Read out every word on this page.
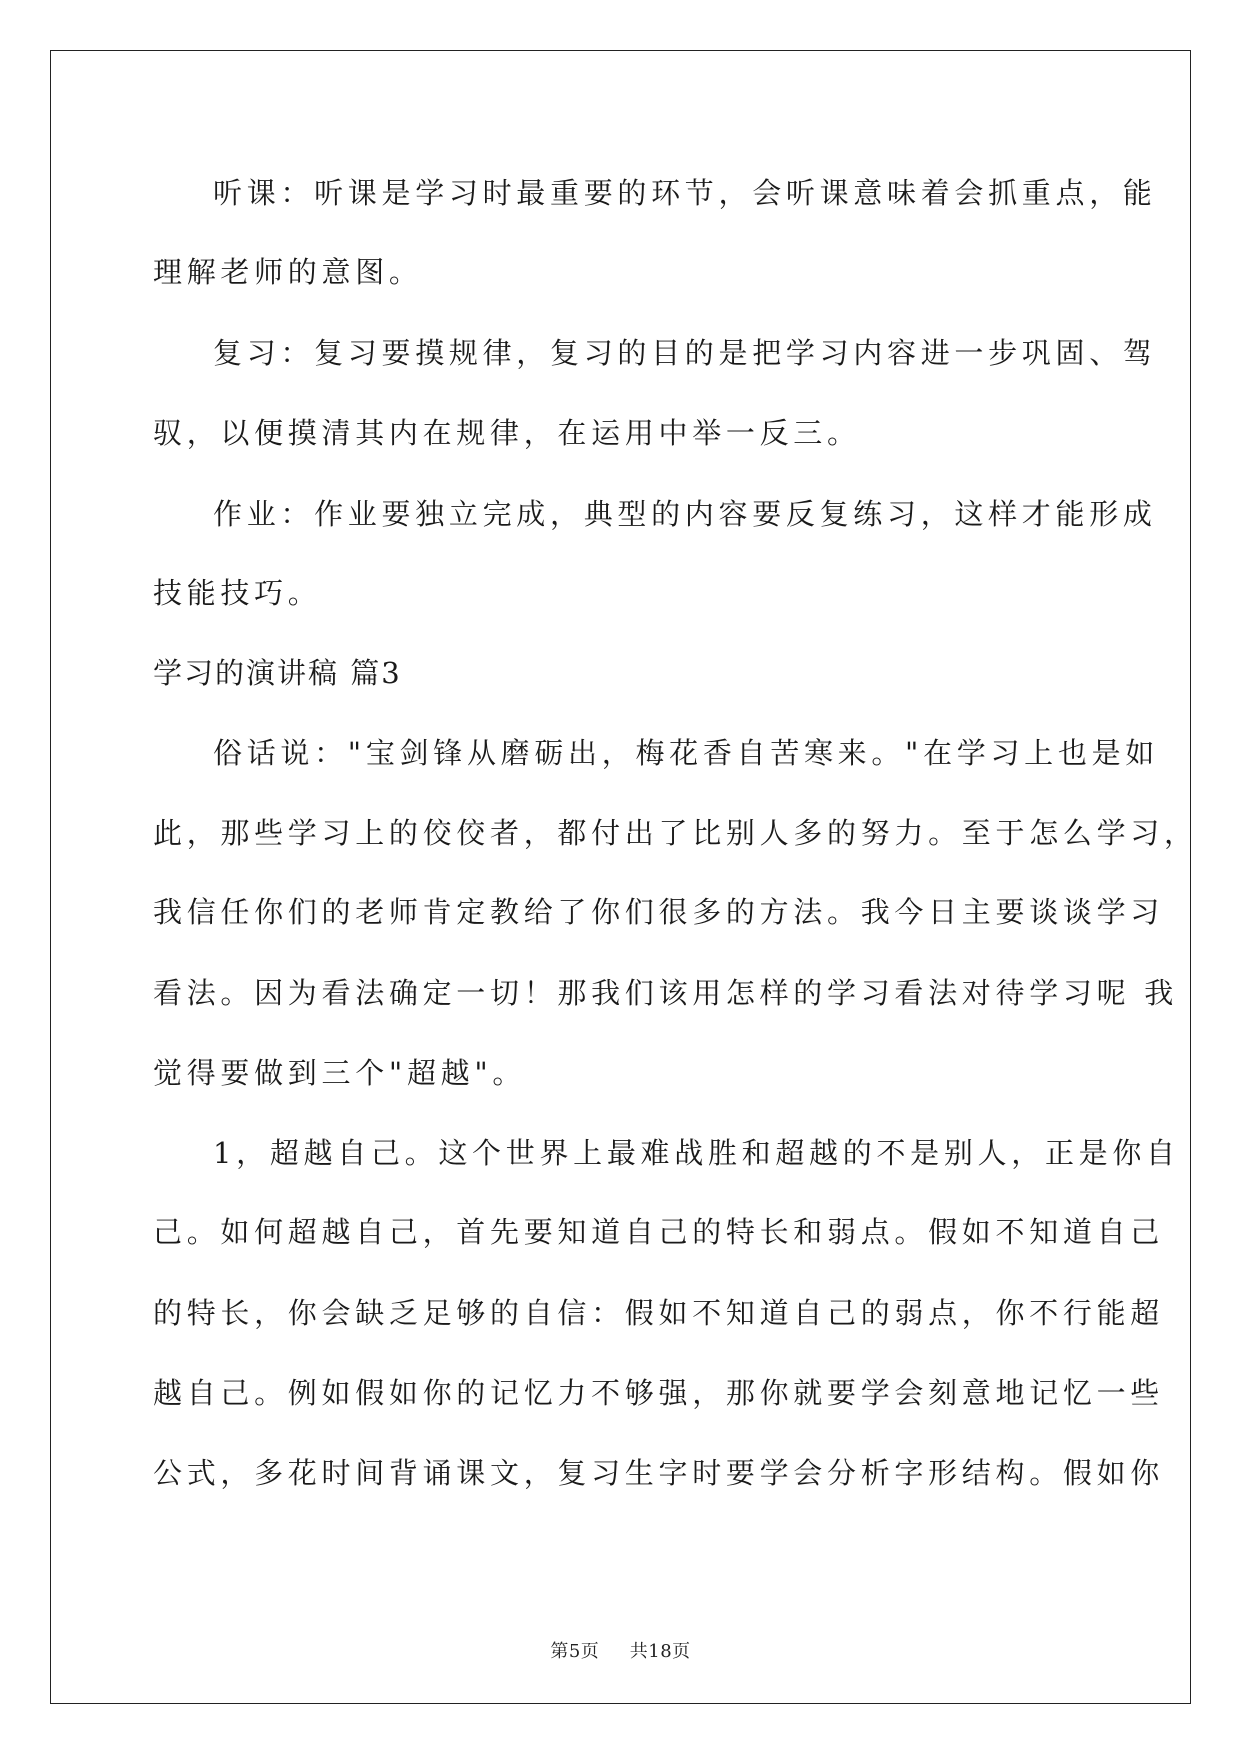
听课：听课是学习时最重要的环节，会听课意味着会抓重点，能
理解老师的意图。
复习：复习要摸规律，复习的目的是把学习内容进一步巩固、驾
驭，以便摸清其内在规律，在运用中举一反三。
作业：作业要独立完成，典型的内容要反复练习，这样才能形成
技能技巧。
学习的演讲稿 篇3
俗话说："宝剑锋从磨砺出，梅花香自苦寒来。"在学习上也是如
此，那些学习上的佼佼者，都付出了比别人多的努力。至于怎么学习，
我信任你们的老师肯定教给了你们很多的方法。我今日主要谈谈学习
看法。因为看法确定一切！那我们该用怎样的学习看法对待学习呢 我
觉得要做到三个"超越"。
1，超越自己。这个世界上最难战胜和超越的不是别人，正是你自
己。如何超越自己，首先要知道自己的特长和弱点。假如不知道自己
的特长，你会缺乏足够的自信：假如不知道自己的弱点，你不行能超
越自己。例如假如你的记忆力不够强，那你就要学会刻意地记忆一些
公式，多花时间背诵课文，复习生字时要学会分析字形结构。假如你
第5页 共18页
